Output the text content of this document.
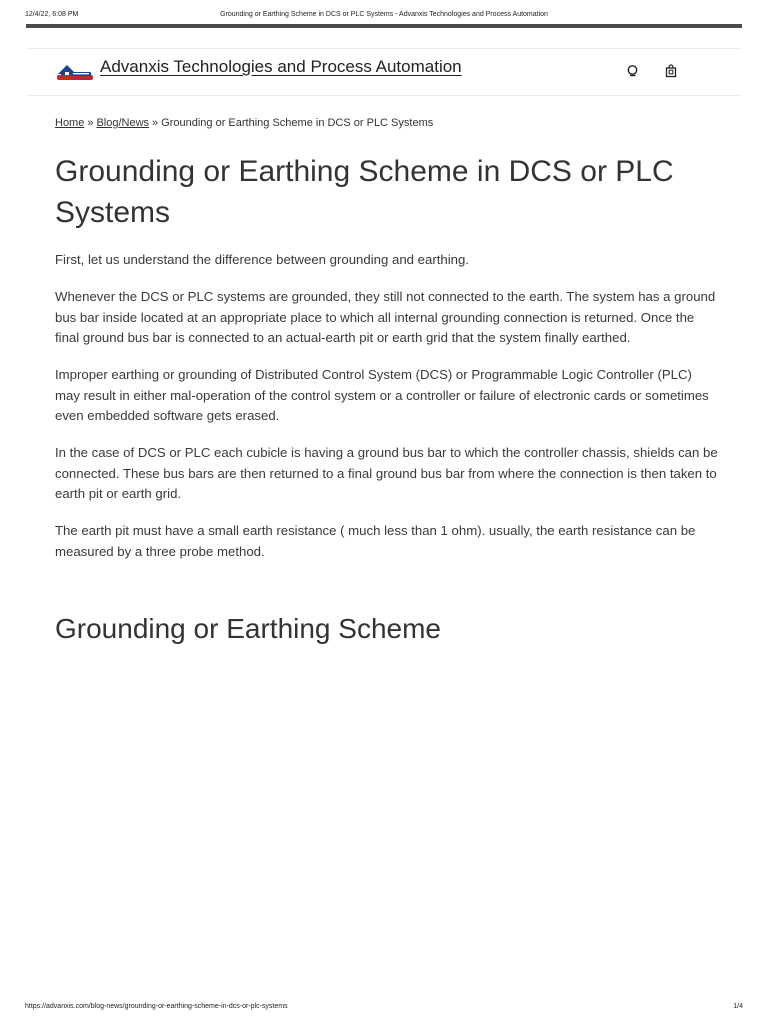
12/4/22, 6:08 PM	Grounding or Earthing Scheme in DCS or PLC Systems - Advanxis Technologies and Process Automation
Advanxis Technologies and Process Automation
Home » Blog/News » Grounding or Earthing Scheme in DCS or PLC Systems
Grounding or Earthing Scheme in DCS or PLC Systems

First, let us understand the difference between grounding and earthing.

Whenever the DCS or PLC systems are grounded, they still not connected to the earth. The system has a ground bus bar inside located at an appropriate place to which all internal grounding connection is returned. Once the final ground bus bar is connected to an actual-earth pit or earth grid that the system finally earthed.

Improper earthing or grounding of Distributed Control System (DCS) or Programmable Logic Controller (PLC) may result in either mal-operation of the control system or a controller or failure of electronic cards or sometimes even embedded software gets erased.

In the case of DCS or PLC each cubicle is having a ground bus bar to which the controller chassis, shields can be connected. These bus bars are then returned to a final ground bus bar from where the connection is then taken to earth pit or earth grid.

The earth pit must have a small earth resistance ( much less than 1 ohm). usually, the earth resistance can be measured by a three probe method.

Grounding or Earthing Scheme
https://advanxis.com/blog-news/grounding-or-earthing-scheme-in-dcs-or-plc-systems	1/4
